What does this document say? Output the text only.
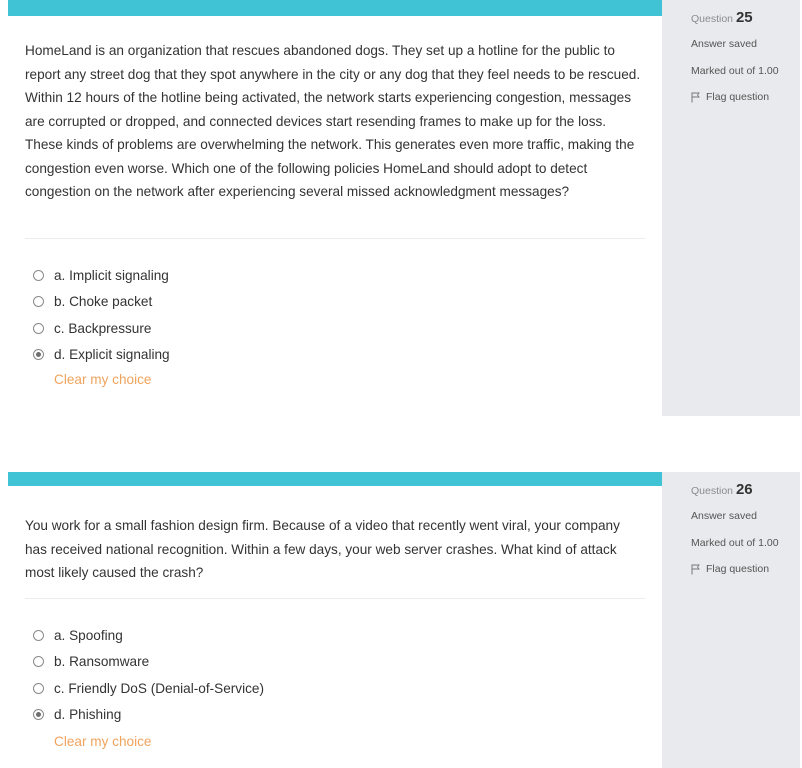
HomeLand is an organization that rescues abandoned dogs. They set up a hotline for the public to report any street dog that they spot anywhere in the city or any dog that they feel needs to be rescued. Within 12 hours of the hotline being activated, the network starts experiencing congestion, messages are corrupted or dropped, and connected devices start resending frames to make up for the loss. These kinds of problems are overwhelming the network. This generates even more traffic, making the congestion even worse. Which one of the following policies HomeLand should adopt to detect congestion on the network after experiencing several missed acknowledgment messages?
a. Implicit signaling
b. Choke packet
c. Backpressure
d. Explicit signaling
Clear my choice
Question 25
Answer saved
Marked out of 1.00
Flag question
You work for a small fashion design firm. Because of a video that recently went viral, your company has received national recognition. Within a few days, your web server crashes. What kind of attack most likely caused the crash?
a. Spoofing
b. Ransomware
c. Friendly DoS (Denial-of-Service)
d. Phishing
Clear my choice
Question 26
Answer saved
Marked out of 1.00
Flag question
